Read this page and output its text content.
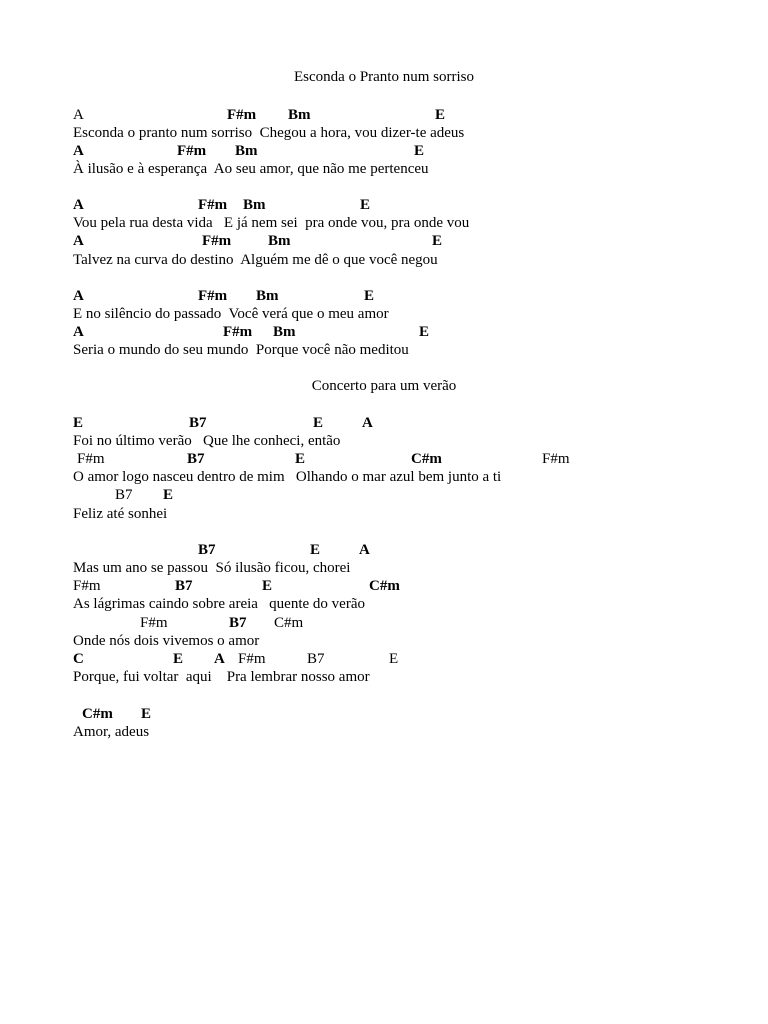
Esconda o Pranto num sorriso

A

	F#m

Bm

	E

Esconda o pranto num sorriso  Chegou a hora, vou dizer-te adeus

A

	F#m

Bm

	E

À ilusão e à esperança  Ao seu amor, que não me pertenceu

A

	F#m

Bm

	E

Vou pela rua desta vida   E já nem sei  pra onde vou, pra onde vou

A

	F#m

Bm

	E

Talvez na curva do destino  Alguém me dê o que você negou

A

	F#m

Bm

	E

E no silêncio do passado  Você verá que o meu amor

A

	F#m

Bm

	E

Seria o mundo do seu mundo  Porque você não meditou

Concerto para um verão

E

	B7

	E

	A

Foi no último verão   Que lhe conheci, então

F#m

	B7

	E

	C#m

	F#m

O amor logo nasceu dentro de mim   Olhando o mar azul bem junto a ti

B7

E

Feliz até sonhei

B7

	E

	A

Mas um ano se passou  Só ilusão ficou, chorei

F#m

	B7

	E

	C#m

As lágrimas caindo sobre areia   quente do verão

F#m

	B7

C#m

Onde nós dois vivemos o amor

C

	E

A

F#m

	B7

	E

Porque, fui voltar  aqui    Pra lembrar nosso amor

C#m

E

Amor, adeus
